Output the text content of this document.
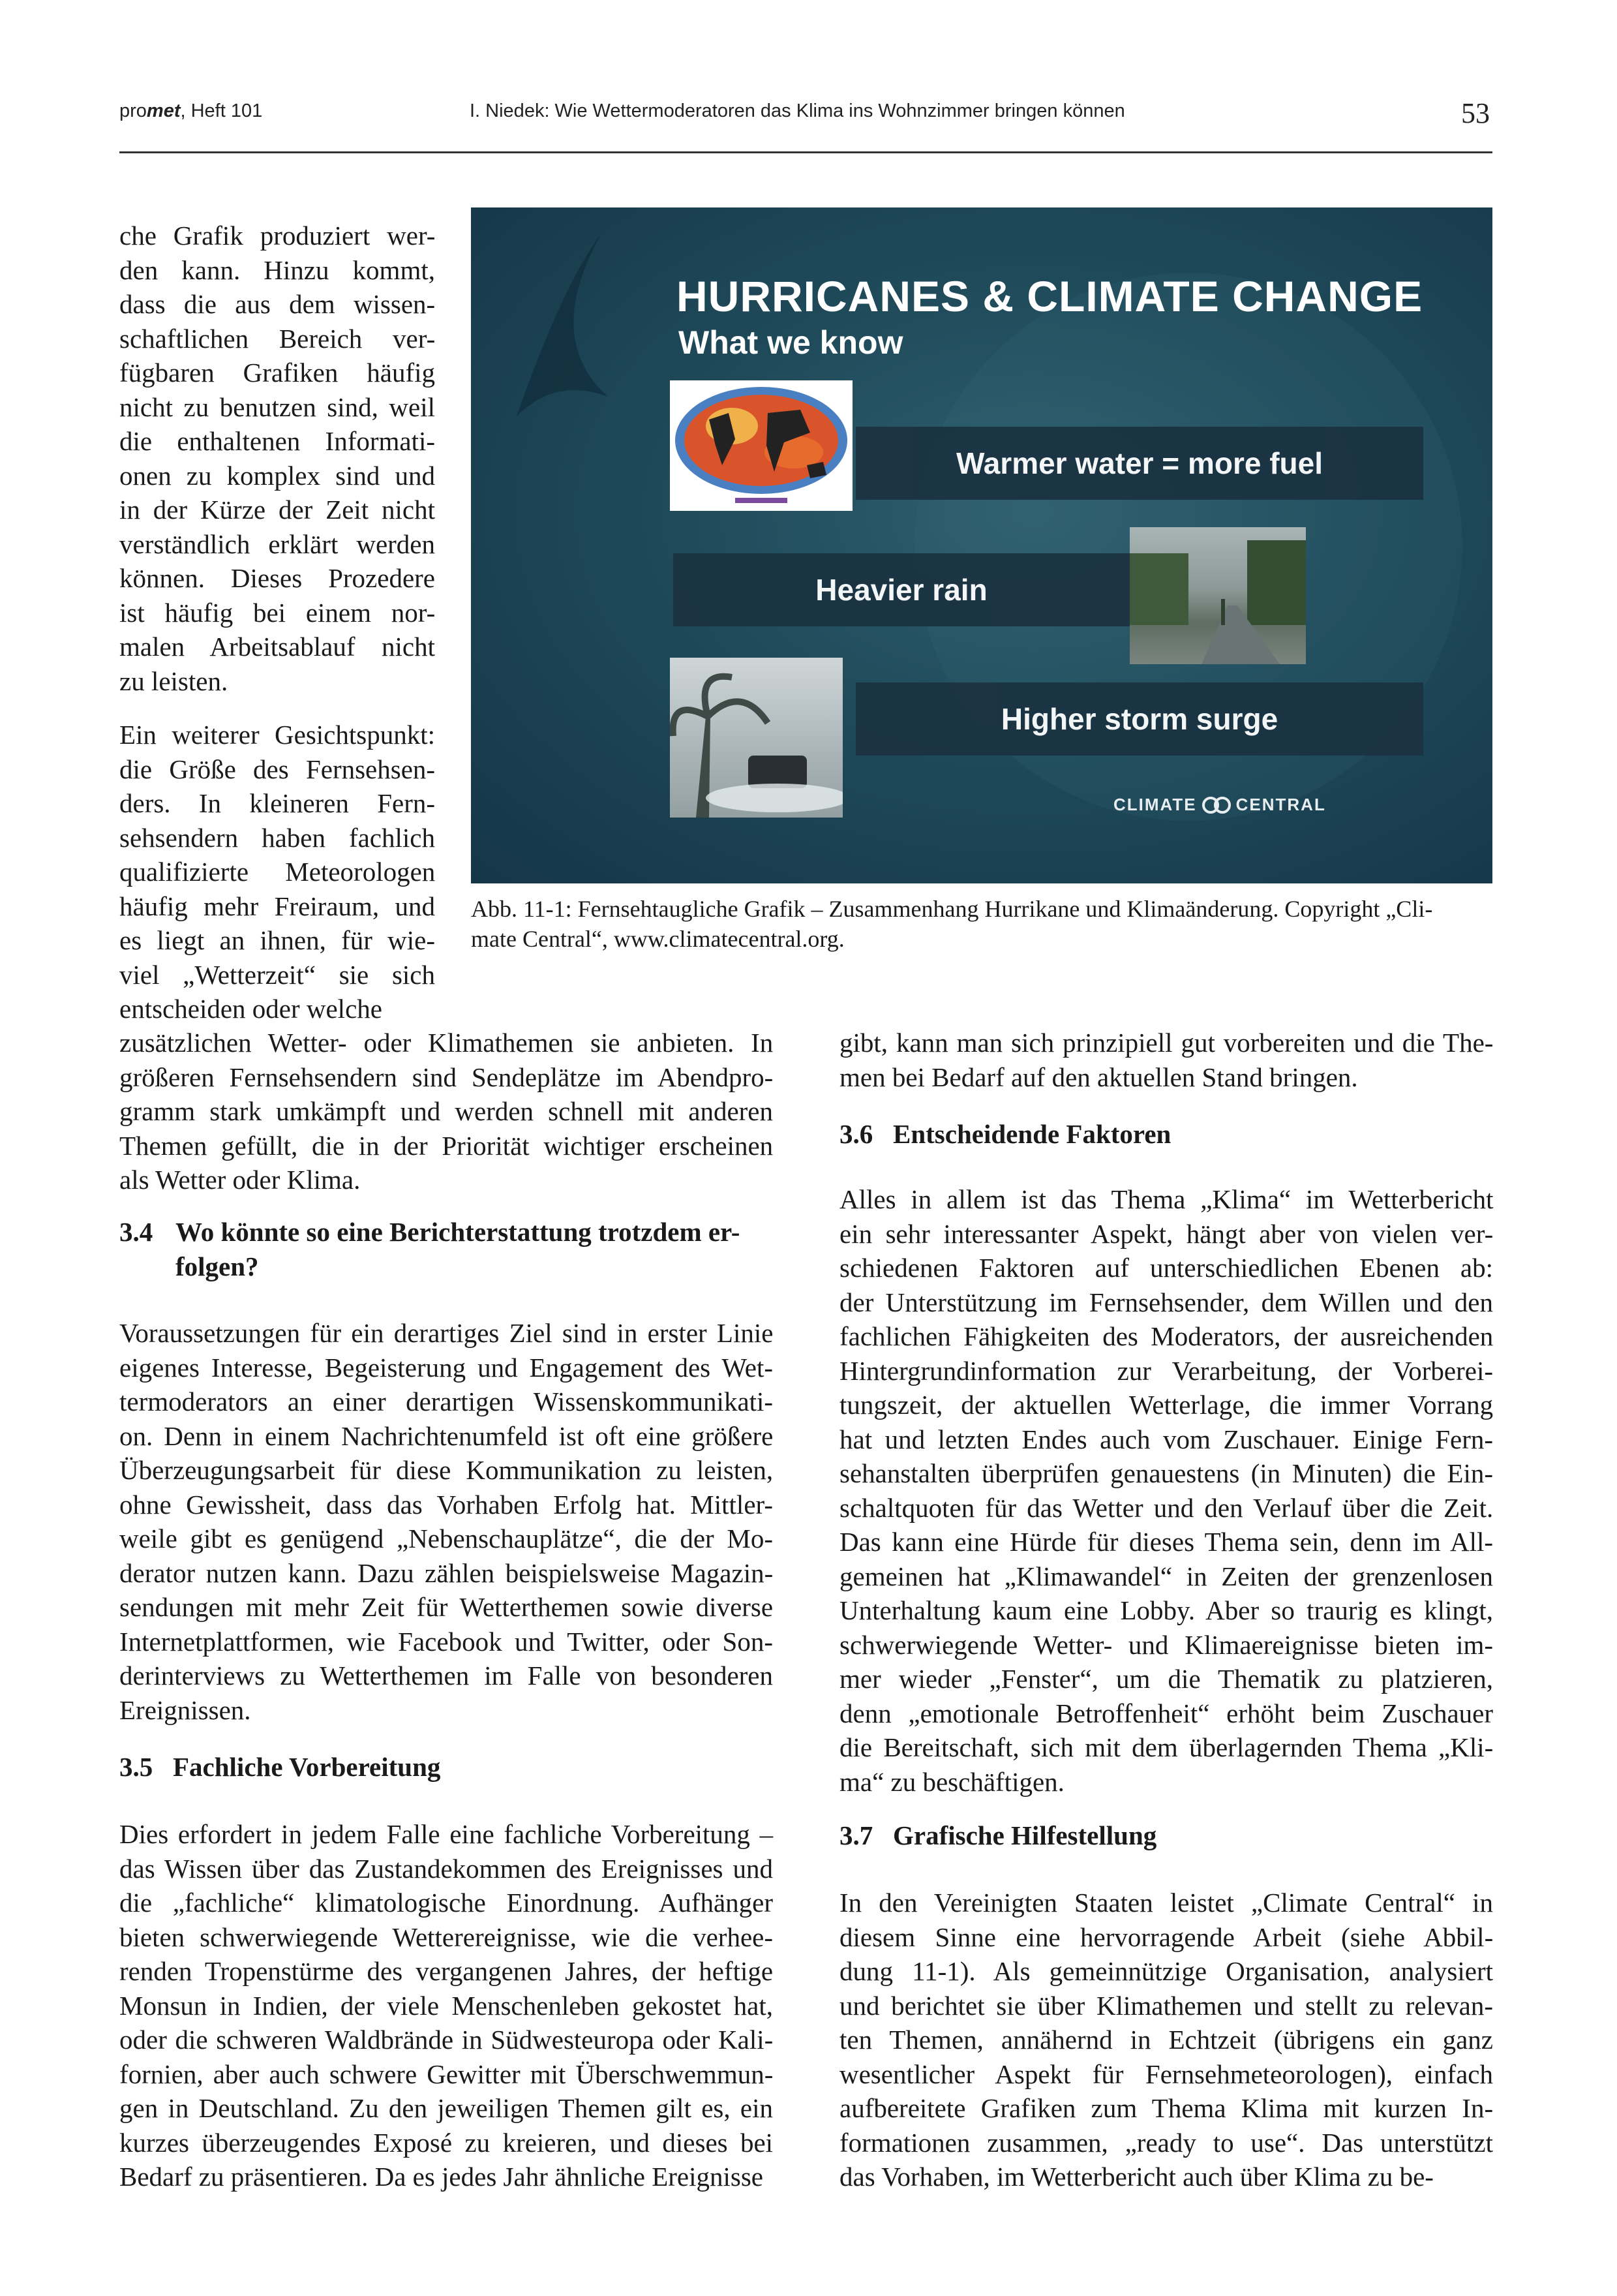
promet, Heft 101	I. Niedek: Wie Wettermoderatoren das Klima ins Wohnzimmer bringen können	53
che Grafik produziert wer-
den kann. Hinzu kommt,
dass die aus dem wissen-
schaftlichen Bereich ver-
fügbaren Grafiken häufig
nicht zu benutzen sind, weil
die enthaltenen Informati-
onen zu komplex sind und
in der Kürze der Zeit nicht
verständlich erklärt werden
können. Dieses Prozedere
ist häufig bei einem nor-
malen Arbeitsablauf nicht
zu leisten.
Ein weiterer Gesichtspunkt:
die Größe des Fernsehsen-
ders. In kleineren Fern-
sehsendern haben fachlich
qualifizierte Meteorologen
häufig mehr Freiraum, und
es liegt an ihnen, für wie-
viel „Wetterzeit“ sie sich
entscheiden oder welche
zusätzlichen Wetter- oder Klimathemen sie anbieten. In
größeren Fernsehsendern sind Sendeplätze im Abendpro-
gramm stark umkämpft und werden schnell mit anderen
Themen gefüllt, die in der Priorität wichtiger erscheinen
als Wetter oder Klima.
3.4 Wo könnte so eine Berichterstattung trotzdem er-
folgen?
Voraussetzungen für ein derartiges Ziel sind in erster Linie
eigenes Interesse, Begeisterung und Engagement des Wet-
termoderators an einer derartigen Wissenskommunikati-
on. Denn in einem Nachrichtenumfeld ist oft eine größere
Überzeugungsarbeit für diese Kommunikation zu leisten,
ohne Gewissheit, dass das Vorhaben Erfolg hat. Mittler-
weile gibt es genügend „Nebenschauplätze“, die der Mo-
derator nutzen kann. Dazu zählen beispielsweise Magazin-
sendungen mit mehr Zeit für Wetterthemen sowie diverse
Internetplattformen, wie Facebook und Twitter, oder Son-
derinterviews zu Wetterthemen im Falle von besonderen
Ereignissen.
3.5   Fachliche Vorbereitung
Dies erfordert in jedem Falle eine fachliche Vorbereitung –
das Wissen über das Zustandekommen des Ereignisses und
die „fachliche“ klimatologische Einordnung. Aufhänger
bieten schwerwiegende Wetterereignisse, wie die verhee-
renden Tropenstürme des vergangenen Jahres, der heftige
Monsun in Indien, der viele Menschenleben gekostet hat,
oder die schweren Waldbrände in Südwesteuropa oder Kali-
fornien, aber auch schwere Gewitter mit Überschwemmun-
gen in Deutschland. Zu den jeweiligen Themen gilt es, ein
kurzes überzeugendes Exposé zu kreieren, und dieses bei
Bedarf zu präsentieren. Da es jedes Jahr ähnliche Ereignisse
HURRICANES & CLIMATE CHANGE
What we know
Warmer water = more fuel
Heavier rain
Higher storm surge
CLIMATE CENTRAL
Abb. 11-1: Fernsehtaugliche Grafik – Zusammenhang Hurrikane und Klimaänderung. Copyright „Cli-
mate Central“, www.climatecentral.org.
gibt, kann man sich prinzipiell gut vorbereiten und die The-
men bei Bedarf auf den aktuellen Stand bringen.
3.6   Entscheidende Faktoren
Alles in allem ist das Thema „Klima“ im Wetterbericht
ein sehr interessanter Aspekt, hängt aber von vielen ver-
schiedenen Faktoren auf unterschiedlichen Ebenen ab:
der Unterstützung im Fernsehsender, dem Willen und den
fachlichen Fähigkeiten des Moderators, der ausreichenden
Hintergrundinformation zur Verarbeitung, der Vorberei-
tungszeit, der aktuellen Wetterlage, die immer Vorrang
hat und letzten Endes auch vom Zuschauer. Einige Fern-
sehanstalten überprüfen genauestens (in Minuten) die Ein-
schaltquoten für das Wetter und den Verlauf über die Zeit.
Das kann eine Hürde für dieses Thema sein, denn im All-
gemeinen hat „Klimawandel“ in Zeiten der grenzenlosen
Unterhaltung kaum eine Lobby. Aber so traurig es klingt,
schwerwiegende Wetter- und Klimaereignisse bieten im-
mer wieder „Fenster“, um die Thematik zu platzieren,
denn „emotionale Betroffenheit“ erhöht beim Zuschauer
die Bereitschaft, sich mit dem überlagernden Thema „Kli-
ma“ zu beschäftigen.
3.7   Grafische Hilfestellung
In den Vereinigten Staaten leistet „Climate Central“ in
diesem Sinne eine hervorragende Arbeit (siehe Abbil-
dung 11-1). Als gemeinnützige Organisation, analysiert
und berichtet sie über Klimathemen und stellt zu relevan-
ten Themen, annähernd in Echtzeit (übrigens ein ganz
wesentlicher Aspekt für Fernsehmeteorologen), einfach
aufbereitete Grafiken zum Thema Klima mit kurzen In-
formationen zusammen, „ready to use“. Das unterstützt
das Vorhaben, im Wetterbericht auch über Klima zu be-
